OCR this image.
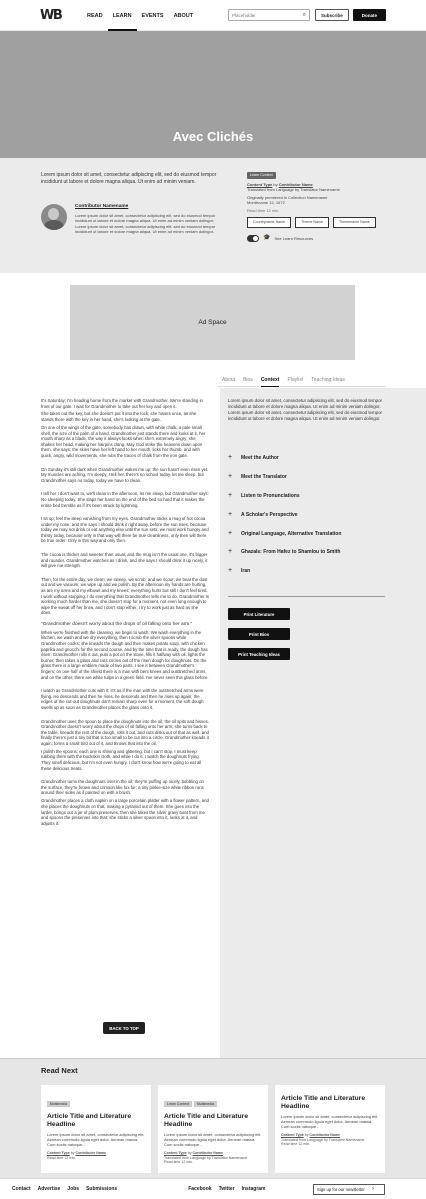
WB	READ	LEARN	EVENTS	ABOUT
Placeholder	⌕	Subscribe	Donate
Avec Clichés
Lorem ipsum dolor sit amet, consectetur adipiscing elit, sed do eiusmod tempor incididunt ut labore et dolore magna aliqua. Ut enim ad minim veniam.
Contributor Namename
Lorem ipsum dolor sit amet, consectetur adipiscing elit, sed do eiusmod tempor incididunt ut labore et dolore magna aliqua. Ut enim ad minim veniam dolingor. Lorem ipsum dolor sit amet, consectetur adipiscing elit, sed do eiusmod tempor incididunt ut labore et dolore magna aliqua. Ut enim ad minim veniam dolingor.
Learn Context
Content Type by Contributor Name
Translated from Language by Translator Namename
Originally premiered in Collection Namename
Monthname 12, 1672
Read time 12 min.
Countryname Name	Theme Name	Themename Name
🎓 See Learn Resources
Ad Space
About Bios Context Playlist Teaching Ideas
Lorem ipsum dolor sit amet, consectetur adipiscing elit, sed do eiusmod tempor incididunt ut labore et dolore magna aliqua. Ut enim ad minim veniam dolingor. Lorem ipsum dolor sit amet, consectetur adipiscing elit, sed do eiusmod tempor incididunt ut labore et dolore magna aliqua. Ut enim ad minim veniam dolingor.
+ Meet the Author
+ Meet the Translator
+ Listen to Pronunciations
+ A Scholar's Perspective
+ Original Language, Alternative Translation
+ Ghazals: From Hafez to Shamlou to Smith
+ Iran
Print Literature
Print Bios
Print Teaching Ideas

It's Saturday; I'm heading home from the market with Grandmother. We're standing in front of our gate. I wait for Grandmother to take out her key and open it.

She takes out the key, but she doesn't put it into the lock; she hisses once, as she stands there with the key in her hand, she's looking at the gate.

On one of the wings of the gate, somebody has drawn, with white chalk, a pale small shell, the size of the palm of a hand. Grandmother just stands there and looks at it, her mouth sharp as a blade, the way it always looks when she's extremely angry; she shakes her head, making her hairpins clang. May God strike the heavens down upon them, she says; the skies have her left hand to her mouth, licks her thumb, and with quick, angry, wild movements, she rubs the traces of chalk from the iron gate.

On Sunday it's still dark when Grandmother wakes me up; the sun hasn't even risen yet. My muscles are aching, I'm sleepy, I tell her, there's no school today, let me sleep, but Grandmother says no today, today we have to clean.

I tell her I don't want to, we'll clean in the afternoon, let me sleep, but Grandmother says: No sleeping today. She slaps her hand on the end of the bed so hard that it makes the entire bed tremble as if it's been struck by lightning.

I sit up; feel the sleep vanishing from my eyes. Grandmother sticks a mug of hot cocoa under my nose, and she says I should drink it right away, before the sun rises, because today we may not drink or eat anything else until the sun sets; we must work hungry and thirsty today, because only in that way will there be true cleanliness, only then will there be true order. Only in this way and only then.

The cocoa is thicker and sweeter than usual, and the mug isn't the usual one, it's bigger and rounder. Grandmother watches as I drink, and she says I should drink it up nicely, it will give me strength.

Then, for the entire day, we clean, we sweep, we scrub, and we scour; we beat the dust out and we vacuum; we wipe up and we polish. By the afternoon my hands are hurting, as are my arms and my elbows and my knees; everything hurts but still I don't feel tired, I work without stopping, I do everything that Grandmother tells me to do. Grandmother is working much harder than me, she doesn't stop for a moment, not even long enough to wipe the sweat off her brow, and I don't stop either, I try to work just as hard as she does.

"Grandmother doesn't worry about the drops of oil falling onto her arm."

When we're finished with the cleaning, we begin to wash. We wash everything in the kitchen, we wash and we dry everything, then I scrub the silver spoons while Grandmother cooks; she kneads the dough and then makes potato soup, with chicken paprika and gnocchi for the second course, and by the time that is ready, the dough has risen. Grandmother rolls it out, puts a pot on the stove, fills it halfway with oil, lights the burner, then takes a glass and cuts circles out of the risen dough for doughnuts. On the glass there is a large emblem made of two parts. I see it between Grandmother's fingers; on one half of the shield there is a man with bent knees and outstretched arms, and on the other, there are white tulips in a green field. I've never seen this glass before.

I watch as Grandmother cuts with it; it's as if the man with the outstretched arms were flying. He descends and then he rises, he descends and then he rises up again; the edges of the cut-out doughnuts don't remain sharp even for a moment, the soft dough swells up as soon as Grandmother places the glass onto it.

Grandmother uses the spoon to place the doughnuts into the oil; the oil spits and hisses. Grandmother doesn't worry about the drops of oil falling onto her arm; she turns back to the table, kneads the rest of the dough, rolls it out, and cuts disks out of that as well, and finally there's just a tiny bit that is too small to be cut into a circle. Grandmother kneads it again, forms a small bird out of it, and throws that into the oil.

I polish the spoons; each one is shining and glittering, but I can't stop, I must keep rubbing them with the buckskin cloth, and while I do it, I watch the doughnuts frying. They smell delicious, but I'm not even hungry. I don't know how we're going to eat all these delicious treats.

Grandmother turns the doughnuts over in the oil; they're puffing up nicely, bubbling on the surface, they're brown and crimson like fox fur; a tiny pinkie-size white ribbon runs around their sides as if painted on with a brush.

Grandmother places a cloth napkin on a large porcelain platter with a flower pattern, and she places the doughnuts on that, making a pyramid out of them. She goes into the larder, brings out a jar of plum preserves, then she takes the silver gravy boat from me and spoons the preserves into that; she sticks a silver spoon into it, looks at it, and adjusts it.

BACK TO TOP
Read Next
Multimedia
Article Title and Literature Headline
Lorem ipsum dolor sit amet, consectetur adipiscing elit. Aenean commodo ligula eget dolor. Aenean massa. Cum sociis natoque...
Content Type by Contributor Name
Read time 12 min.
Learn Context Multimedia
Article Title and Literature Headline
Lorem ipsum dolor sit amet, consectetur adipiscing elit. Aenean commodo ligula eget dolor. Aenean massa. Cum sociis natoque...
Content Type by Contributor Name
Translated from Language by Translator Namename
Read time 12 min.
Article Title and Literature Headline
Lorem ipsum dolor sit amet, consectetur adipiscing elit. Aenean commodo ligula eget dolor. Aenean massa. Cum sociis natoque...
Content Type by Contributor Name
Translated from Language by Translator Namename
Read time 12 min.
Contact Advertise Jobs Submissions	Facebook Twitter Instagram	Sign up for our newsletter ›
